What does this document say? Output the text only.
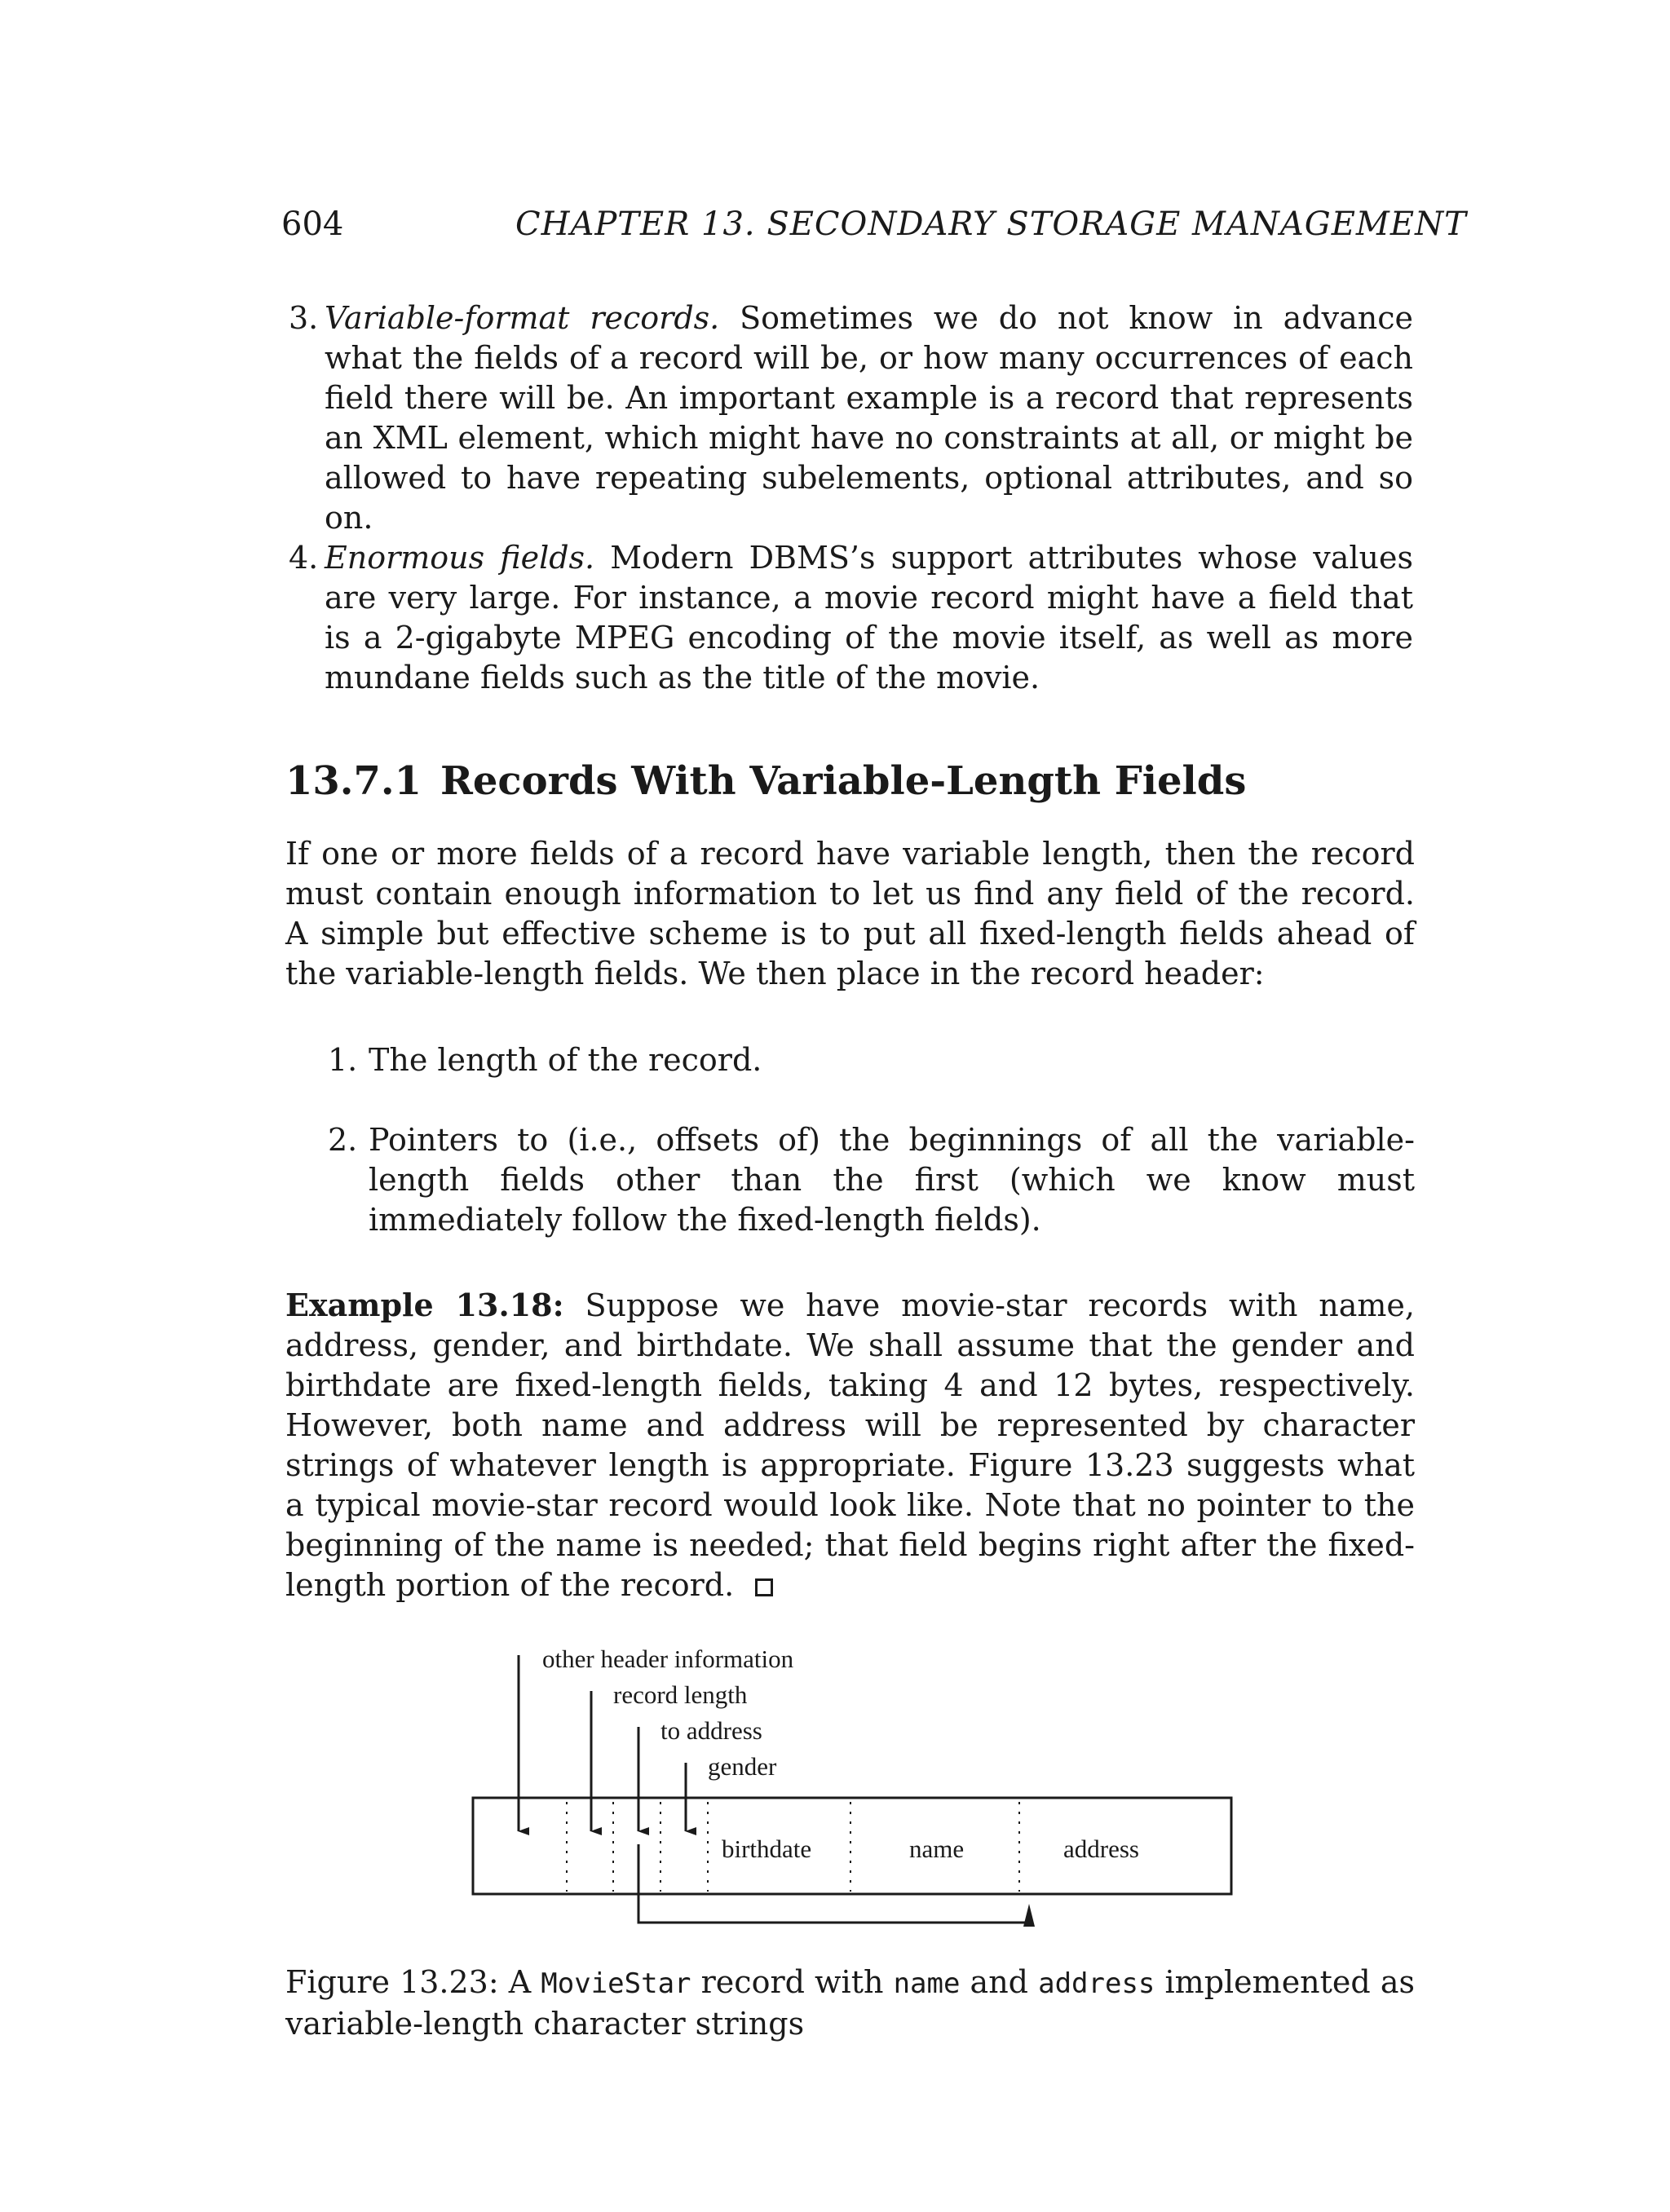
604	CHAPTER 13. SECONDARY STORAGE MANAGEMENT
3. Variable-format records. Sometimes we do not know in advance what the fields of a record will be, or how many occurrences of each field there will be. An important example is a record that represents an XML element, which might have no constraints at all, or might be allowed to have repeating subelements, optional attributes, and so on.
4. Enormous fields. Modern DBMS’s support attributes whose values are very large. For instance, a movie record might have a field that is a 2-gigabyte MPEG encoding of the movie itself, as well as more mundane fields such as the title of the movie.
13.7.1 Records With Variable-Length Fields
If one or more fields of a record have variable length, then the record must contain enough information to let us find any field of the record. A simple but effective scheme is to put all fixed-length fields ahead of the variable-length fields. We then place in the record header:
1. The length of the record.
2. Pointers to (i.e., offsets of) the beginnings of all the variable-length fields other than the first (which we know must immediately follow the fixed-length fields).
Example 13.18: Suppose we have movie-star records with name, address, gender, and birthdate. We shall assume that the gender and birthdate are fixed-length fields, taking 4 and 12 bytes, respectively. However, both name and address will be represented by character strings of whatever length is appropriate. Figure 13.23 suggests what a typical movie-star record would look like. Note that no pointer to the beginning of the name is needed; that field begins right after the fixed-length portion of the record.
other header information
record length
to address
gender
birthdate	name	address
Figure 13.23: A MovieStar record with name and address implemented as variable-length character strings
